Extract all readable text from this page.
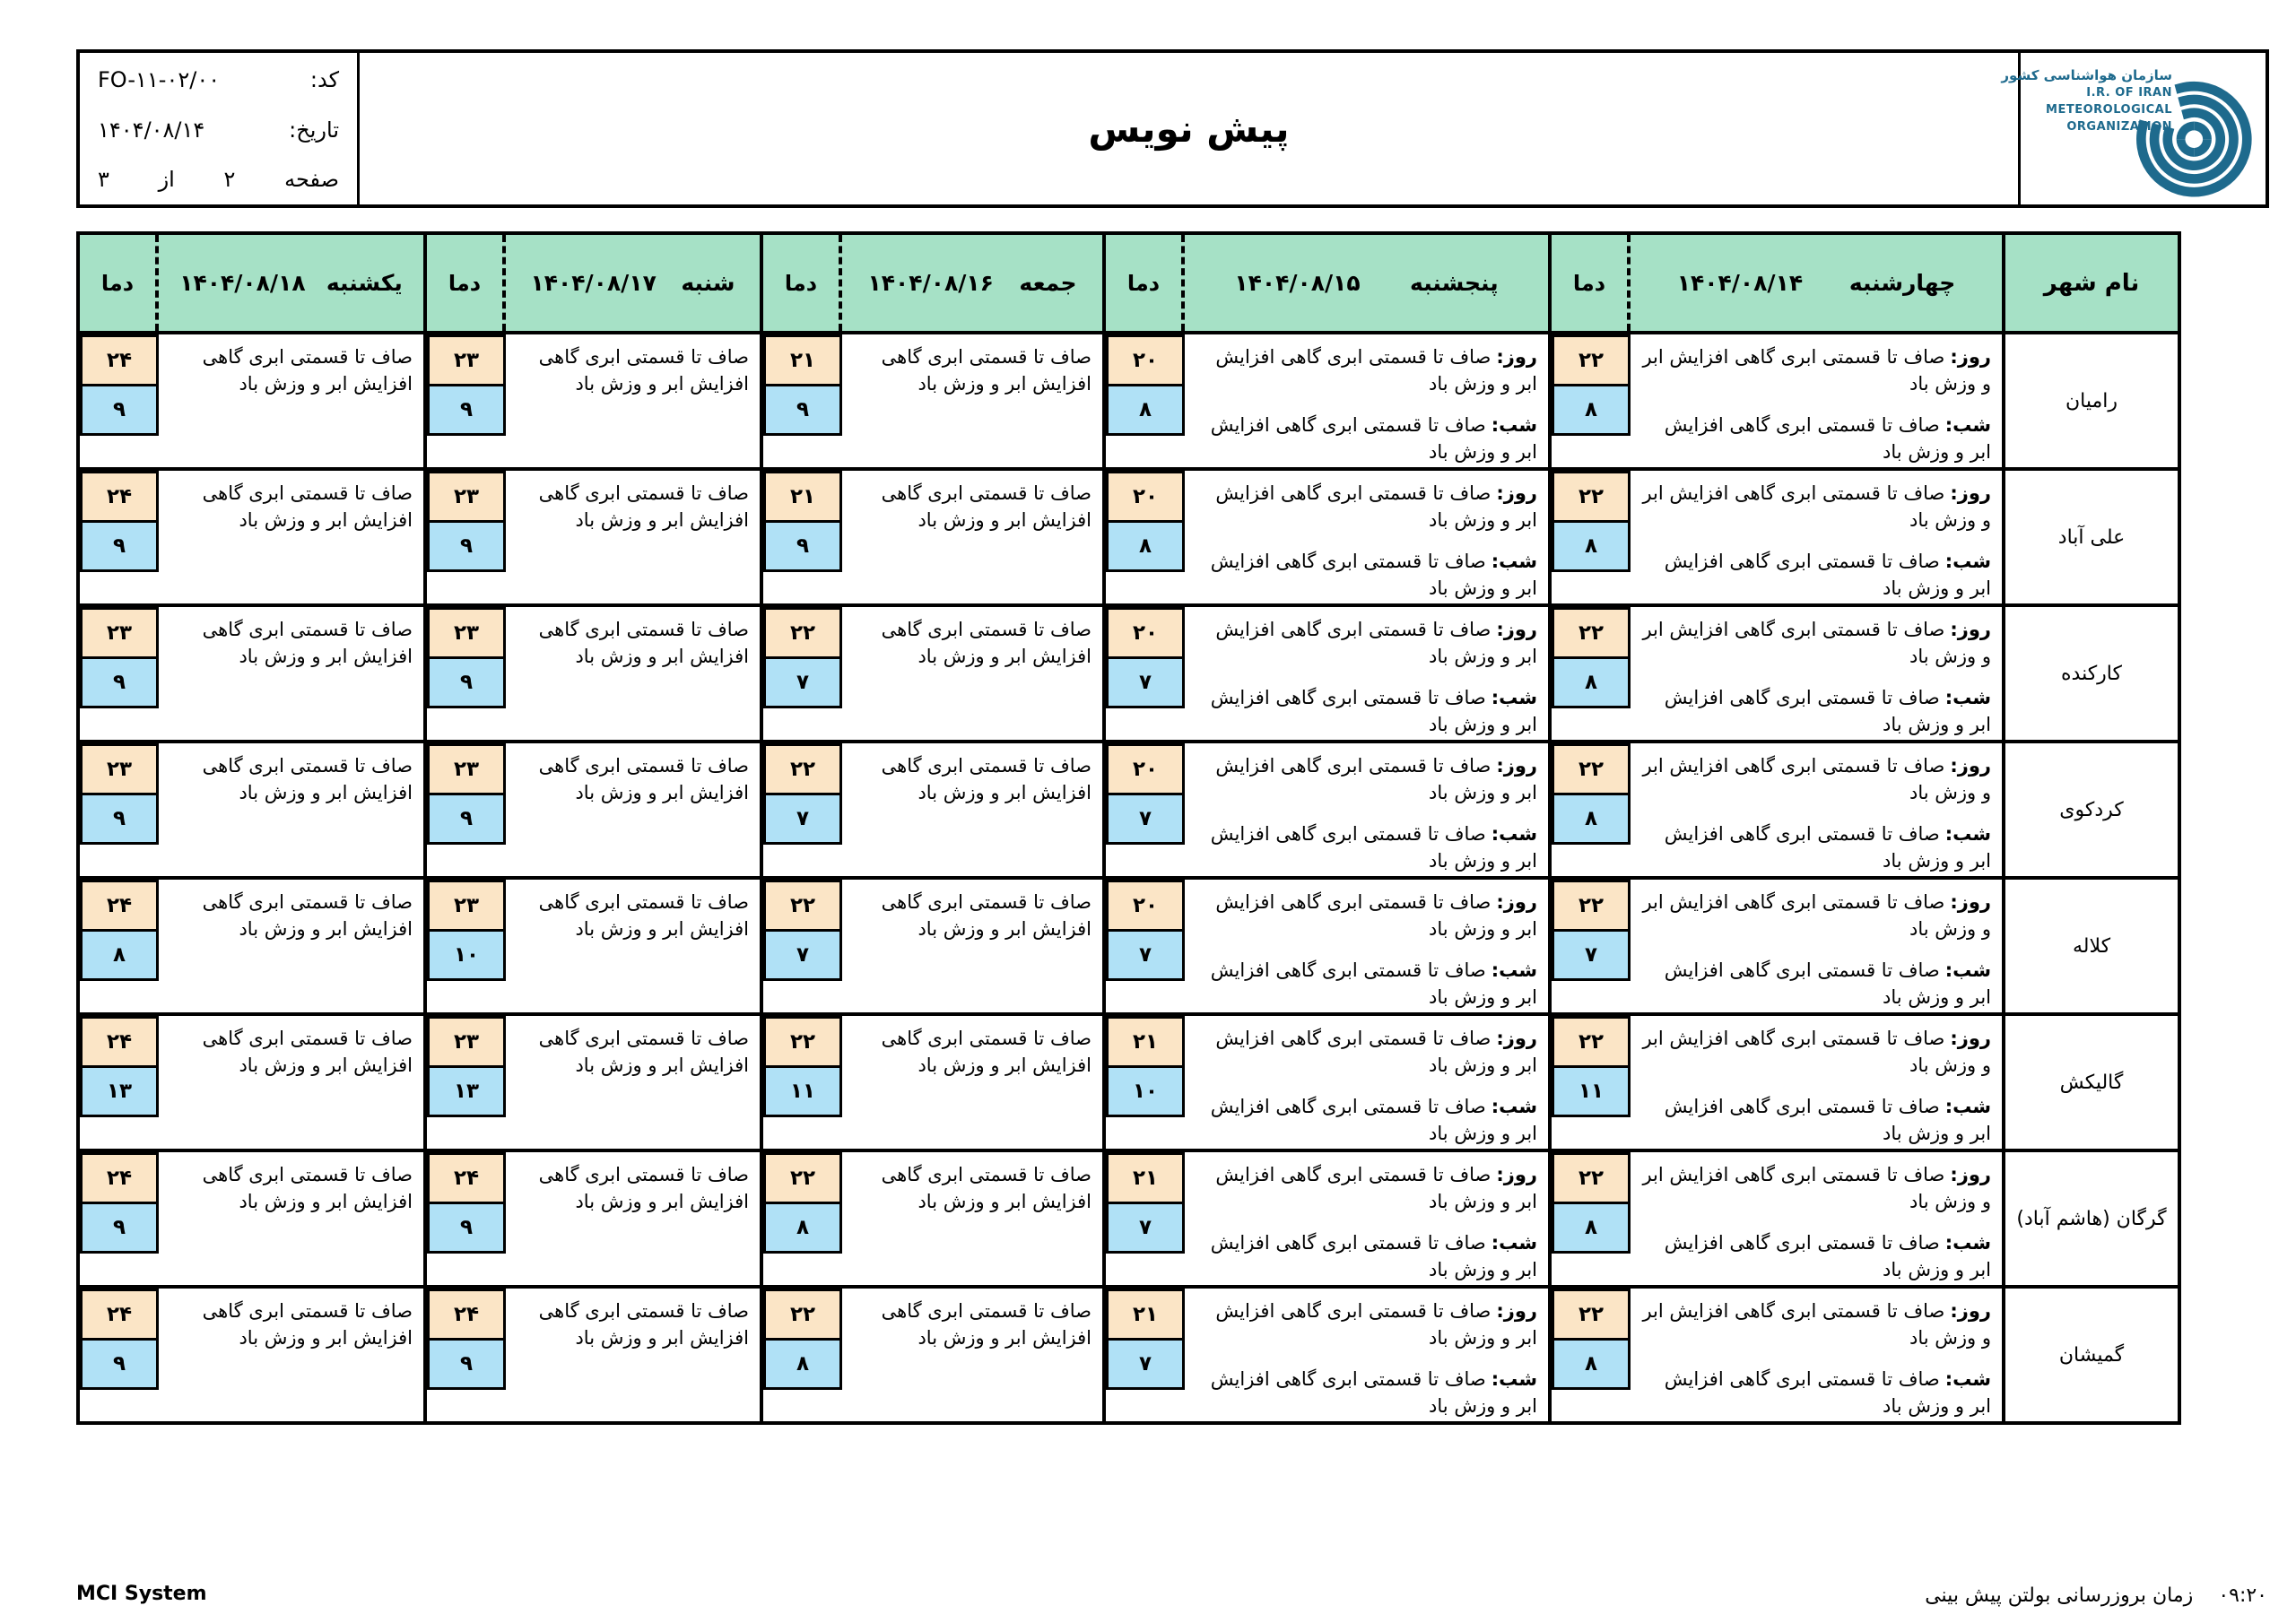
کد:
FO-۱۱-۰۲/۰۰
تاریخ:
۱۴۰۴/۰۸/۱۴
صفحه
۲
از
۳
پیش نویس
سازمان هواشناسی کشور
I.R. OF IRAN
METEOROLOGICAL
ORGANIZATION
نام شهر
چهارشنبه
۱۴۰۴/۰۸/۱۴
دما
پنجشنبه
۱۴۰۴/۰۸/۱۵
دما
جمعه
۱۴۰۴/۰۸/۱۶
دما
شنبه
۱۴۰۴/۰۸/۱۷
دما
یکشنبه
۱۴۰۴/۰۸/۱۸
دما
رامیان
روز:صاف تا قسمتی ابری گاهی افزایش ابر و وزش باد
شب:صاف تا قسمتی ابری گاهی افزایش ابر و وزش باد
۲۲
۸
روز:صاف تا قسمتی ابری گاهی افزایش ابر و وزش باد
شب:صاف تا قسمتی ابری گاهی افزایش ابر و وزش باد
۲۰
۸
صاف تا قسمتی ابری گاهی افزایش ابر و وزش باد
۲۱
۹
صاف تا قسمتی ابری گاهی افزایش ابر و وزش باد
۲۳
۹
صاف تا قسمتی ابری گاهی افزایش ابر و وزش باد
۲۴
۹
علی آباد
روز:صاف تا قسمتی ابری گاهی افزایش ابر و وزش باد
شب:صاف تا قسمتی ابری گاهی افزایش ابر و وزش باد
۲۲
۸
روز:صاف تا قسمتی ابری گاهی افزایش ابر و وزش باد
شب:صاف تا قسمتی ابری گاهی افزایش ابر و وزش باد
۲۰
۸
صاف تا قسمتی ابری گاهی افزایش ابر و وزش باد
۲۱
۹
صاف تا قسمتی ابری گاهی افزایش ابر و وزش باد
۲۳
۹
صاف تا قسمتی ابری گاهی افزایش ابر و وزش باد
۲۴
۹
کارکنده
روز:صاف تا قسمتی ابری گاهی افزایش ابر و وزش باد
شب:صاف تا قسمتی ابری گاهی افزایش ابر و وزش باد
۲۲
۸
روز:صاف تا قسمتی ابری گاهی افزایش ابر و وزش باد
شب:صاف تا قسمتی ابری گاهی افزایش ابر و وزش باد
۲۰
۷
صاف تا قسمتی ابری گاهی افزایش ابر و وزش باد
۲۲
۷
صاف تا قسمتی ابری گاهی افزایش ابر و وزش باد
۲۳
۹
صاف تا قسمتی ابری گاهی افزایش ابر و وزش باد
۲۳
۹
کردکوی
روز:صاف تا قسمتی ابری گاهی افزایش ابر و وزش باد
شب:صاف تا قسمتی ابری گاهی افزایش ابر و وزش باد
۲۲
۸
روز:صاف تا قسمتی ابری گاهی افزایش ابر و وزش باد
شب:صاف تا قسمتی ابری گاهی افزایش ابر و وزش باد
۲۰
۷
صاف تا قسمتی ابری گاهی افزایش ابر و وزش باد
۲۲
۷
صاف تا قسمتی ابری گاهی افزایش ابر و وزش باد
۲۳
۹
صاف تا قسمتی ابری گاهی افزایش ابر و وزش باد
۲۳
۹
کلاله
روز:صاف تا قسمتی ابری گاهی افزایش ابر و وزش باد
شب:صاف تا قسمتی ابری گاهی افزایش ابر و وزش باد
۲۲
۷
روز:صاف تا قسمتی ابری گاهی افزایش ابر و وزش باد
شب:صاف تا قسمتی ابری گاهی افزایش ابر و وزش باد
۲۰
۷
صاف تا قسمتی ابری گاهی افزایش ابر و وزش باد
۲۲
۷
صاف تا قسمتی ابری گاهی افزایش ابر و وزش باد
۲۳
۱۰
صاف تا قسمتی ابری گاهی افزایش ابر و وزش باد
۲۴
۸
گالیکش
روز:صاف تا قسمتی ابری گاهی افزایش ابر و وزش باد
شب:صاف تا قسمتی ابری گاهی افزایش ابر و وزش باد
۲۲
۱۱
روز:صاف تا قسمتی ابری گاهی افزایش ابر و وزش باد
شب:صاف تا قسمتی ابری گاهی افزایش ابر و وزش باد
۲۱
۱۰
صاف تا قسمتی ابری گاهی افزایش ابر و وزش باد
۲۲
۱۱
صاف تا قسمتی ابری گاهی افزایش ابر و وزش باد
۲۳
۱۳
صاف تا قسمتی ابری گاهی افزایش ابر و وزش باد
۲۴
۱۳
گرگان (هاشم آباد)
روز:صاف تا قسمتی ابری گاهی افزایش ابر و وزش باد
شب:صاف تا قسمتی ابری گاهی افزایش ابر و وزش باد
۲۲
۸
روز:صاف تا قسمتی ابری گاهی افزایش ابر و وزش باد
شب:صاف تا قسمتی ابری گاهی افزایش ابر و وزش باد
۲۱
۷
صاف تا قسمتی ابری گاهی افزایش ابر و وزش باد
۲۲
۸
صاف تا قسمتی ابری گاهی افزایش ابر و وزش باد
۲۴
۹
صاف تا قسمتی ابری گاهی افزایش ابر و وزش باد
۲۴
۹
گمیشان
روز:صاف تا قسمتی ابری گاهی افزایش ابر و وزش باد
شب:صاف تا قسمتی ابری گاهی افزایش ابر و وزش باد
۲۲
۸
روز:صاف تا قسمتی ابری گاهی افزایش ابر و وزش باد
شب:صاف تا قسمتی ابری گاهی افزایش ابر و وزش باد
۲۱
۷
صاف تا قسمتی ابری گاهی افزایش ابر و وزش باد
۲۲
۸
صاف تا قسمتی ابری گاهی افزایش ابر و وزش باد
۲۴
۹
صاف تا قسمتی ابری گاهی افزایش ابر و وزش باد
۲۴
۹
MCI System	زمان بروزرسانی بولتن پیش بینی ۰۹:۲۰
